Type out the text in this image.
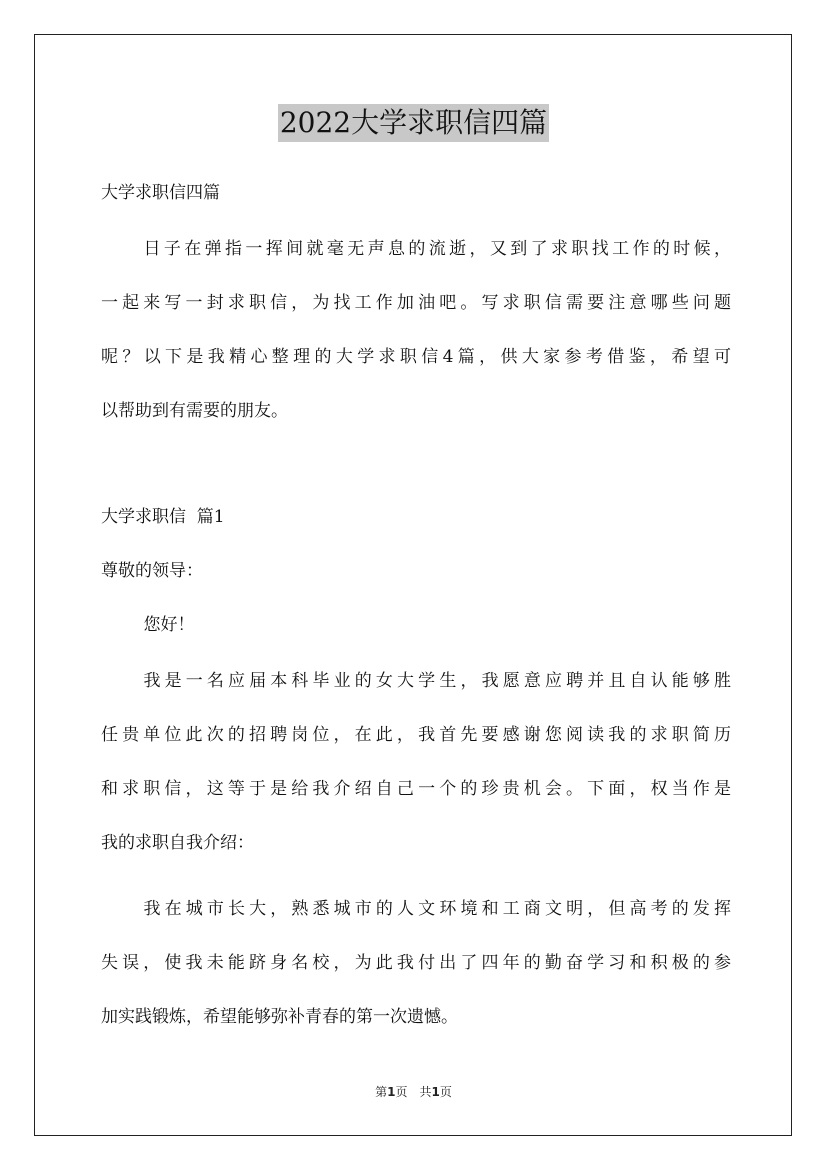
2022大学求职信四篇
大学求职信四篇
日子在弹指一挥间就毫无声息的流逝，又到了求职找工作的时候，
一起来写一封求职信，为找工作加油吧。写求职信需要注意哪些问题
呢？以下是我精心整理的大学求职信4篇，供大家参考借鉴，希望可
以帮助到有需要的朋友。
大学求职信  篇1
尊敬的领导：
您好！
我是一名应届本科毕业的女大学生，我愿意应聘并且自认能够胜
任贵单位此次的招聘岗位，在此，我首先要感谢您阅读我的求职简历
和求职信，这等于是给我介绍自己一个的珍贵机会。下面，权当作是
我的求职自我介绍：
我在城市长大，熟悉城市的人文环境和工商文明，但高考的发挥
失误，使我未能跻身名校，为此我付出了四年的勤奋学习和积极的参
加实践锻炼，希望能够弥补青春的第一次遗憾。
第1页 共1页
